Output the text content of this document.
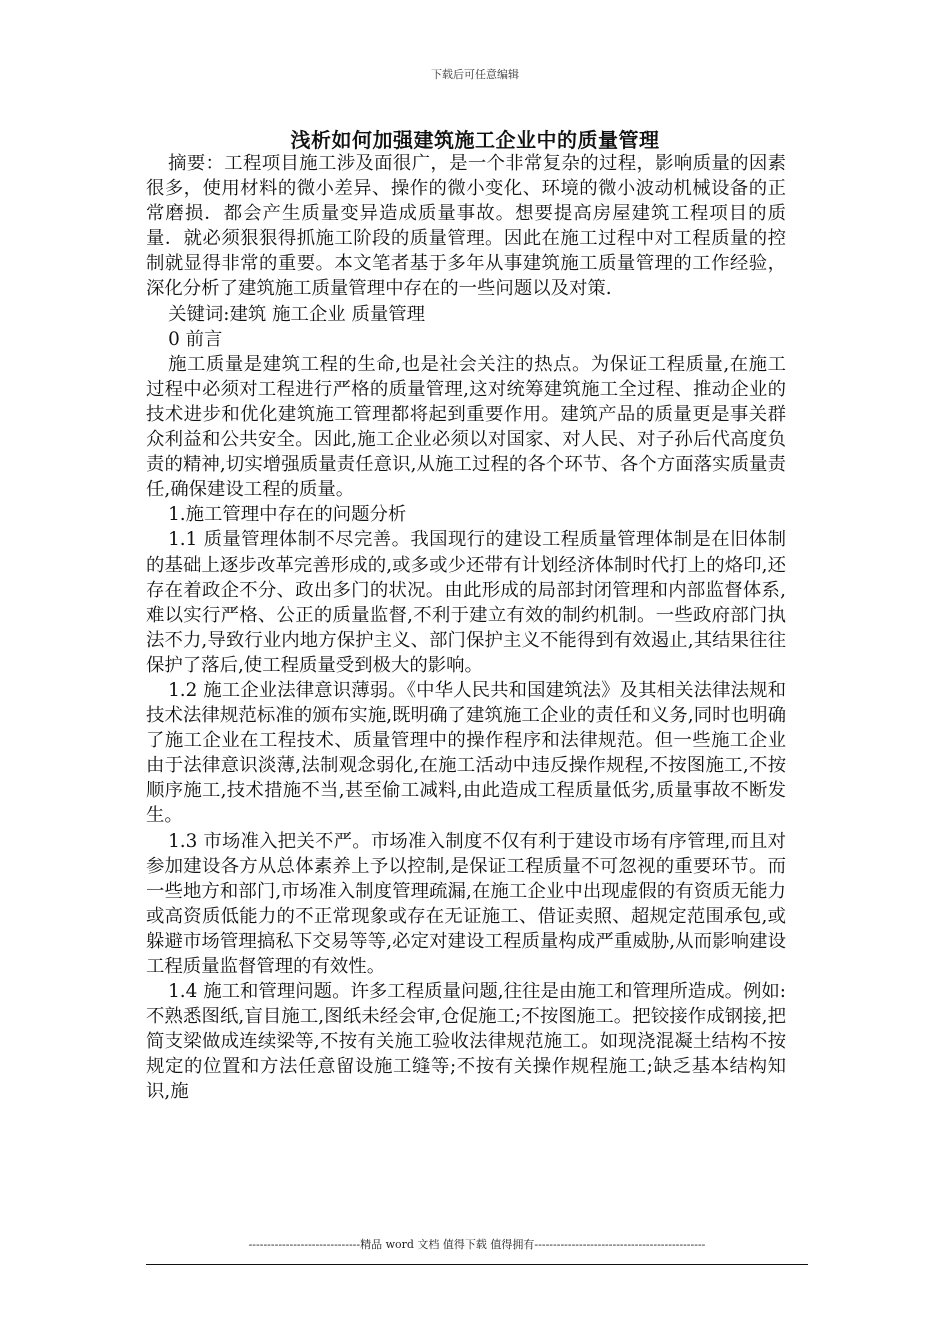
下载后可任意编辑
浅析如何加强建筑施工企业中的质量管理

摘要：工程项目施工涉及面很广，是一个非常复杂的过程，影响质量的因素很多，使用材料的微小差异、操作的微小变化、环境的微小波动机械设备的正常磨损．都会产生质量变异造成质量事故。想要提高房屋建筑工程项目的质量．就必须狠狠得抓施工阶段的质量管理。因此在施工过程中对工程质量的控制就显得非常的重要。本文笔者基于多年从事建筑施工质量管理的工作经验，深化分析了建筑施工质量管理中存在的一些问题以及对策.

关键词:建筑 施工企业 质量管理

0 前言

施工质量是建筑工程的生命,也是社会关注的热点。为保证工程质量,在施工过程中必须对工程进行严格的质量管理,这对统筹建筑施工全过程、推动企业的技术进步和优化建筑施工管理都将起到重要作用。建筑产品的质量更是事关群众利益和公共安全。因此,施工企业必须以对国家、对人民、对子孙后代高度负责的精神,切实增强质量责任意识,从施工过程的各个环节、各个方面落实质量责任,确保建设工程的质量。

1.施工管理中存在的问题分析

1.1 质量管理体制不尽完善。我国现行的建设工程质量管理体制是在旧体制的基础上逐步改革完善形成的,或多或少还带有计划经济体制时代打上的烙印,还存在着政企不分、政出多门的状况。由此形成的局部封闭管理和内部监督体系,难以实行严格、公正的质量监督,不利于建立有效的制约机制。一些政府部门执法不力,导致行业内地方保护主义、部门保护主义不能得到有效遏止,其结果往往保护了落后,使工程质量受到极大的影响。

1.2 施工企业法律意识薄弱。《中华人民共和国建筑法》及其相关法律法规和技术法律规范标准的颁布实施,既明确了建筑施工企业的责任和义务,同时也明确了施工企业在工程技术、质量管理中的操作程序和法律规范。但一些施工企业由于法律意识淡薄,法制观念弱化,在施工活动中违反操作规程,不按图施工,不按顺序施工,技术措施不当,甚至偷工减料,由此造成工程质量低劣,质量事故不断发生。

1.3 市场准入把关不严。市场准入制度不仅有利于建设市场有序管理,而且对参加建设各方从总体素养上予以控制,是保证工程质量不可忽视的重要环节。而一些地方和部门,市场准入制度管理疏漏,在施工企业中出现虚假的有资质无能力或高资质低能力的不正常现象或存在无证施工、借证卖照、超规定范围承包,或躲避市场管理搞私下交易等等,必定对建设工程质量构成严重威胁,从而影响建设工程质量监督管理的有效性。

1.4 施工和管理问题。许多工程质量问题,往往是由施工和管理所造成。例如:不熟悉图纸,盲目施工,图纸未经会审,仓促施工;不按图施工。把铰接作成钢接,把简支梁做成连续梁等,不按有关施工验收法律规范施工。如现浇混凝土结构不按规定的位置和方法任意留设施工缝等;不按有关操作规程施工;缺乏基本结构知识,施

------------------------------精品 word 文档 值得下载 值得拥有----------------------------------------------
